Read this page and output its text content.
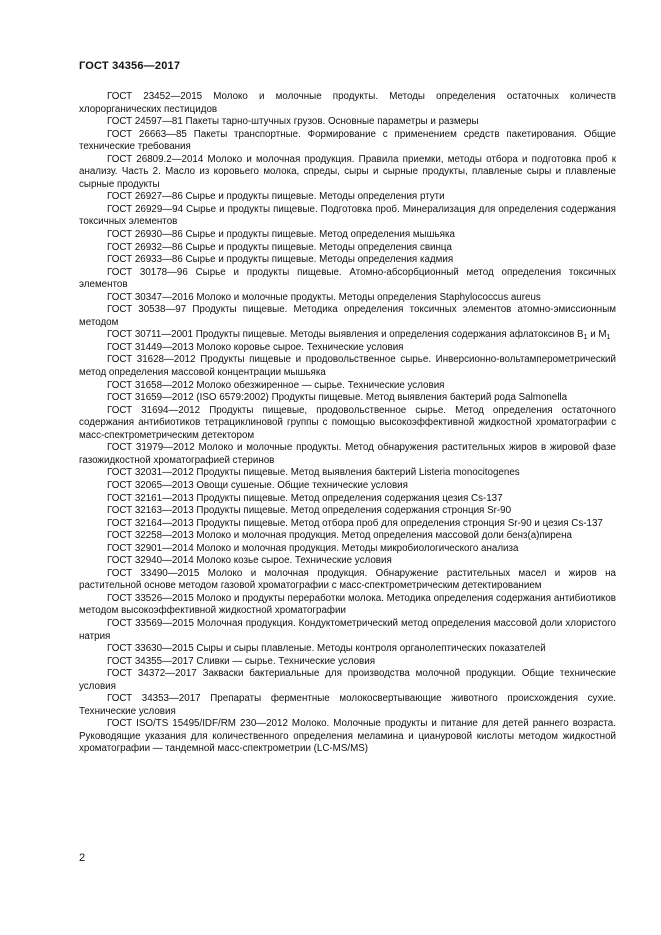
ГОСТ 34356—2017

ГОСТ 23452—2015 Молоко и молочные продукты. Методы определения остаточных количеств хлорорганических пестицидов

ГОСТ 24597—81 Пакеты тарно-штучных грузов. Основные параметры и размеры

ГОСТ 26663—85 Пакеты транспортные. Формирование с применением средств пакетирования. Общие технические требования

ГОСТ 26809.2—2014 Молоко и молочная продукция. Правила приемки, методы отбора и подготовка проб к анализу. Часть 2. Масло из коровьего молока, спреды, сыры и сырные продукты, плавленые сыры и плавленые сырные продукты

ГОСТ 26927—86 Сырье и продукты пищевые. Методы определения ртути

ГОСТ 26929—94 Сырье и продукты пищевые. Подготовка проб. Минерализация для определения содержания токсичных элементов

ГОСТ 26930—86 Сырье и продукты пищевые. Метод определения мышьяка

ГОСТ 26932—86 Сырье и продукты пищевые. Методы определения свинца

ГОСТ 26933—86 Сырье и продукты пищевые. Методы определения кадмия

ГОСТ 30178—96 Сырье и продукты пищевые. Атомно-абсорбционный метод определения токсичных элементов

ГОСТ 30347—2016 Молоко и молочные продукты. Методы определения Staphylococcus aureus

ГОСТ 30538—97 Продукты пищевые. Методика определения токсичных элементов атомно-эмиссионным методом

ГОСТ 30711—2001 Продукты пищевые. Методы выявления и определения содержания афлатоксинов $B_1$ и $M_1$

ГОСТ 31449—2013 Молоко коровье сырое. Технические условия

ГОСТ 31628—2012 Продукты пищевые и продовольственное сырье. Инверсионно-вольтамперометрический метод определения массовой концентрации мышьяка

ГОСТ 31658—2012 Молоко обезжиренное — сырье. Технические условия

ГОСТ 31659—2012 (ISO 6579:2002) Продукты пищевые. Метод выявления бактерий рода Salmonella

ГОСТ 31694—2012 Продукты пищевые, продовольственное сырье. Метод определения остаточного содержания антибиотиков тетрациклиновой группы с помощью высокоэффективной жидкостной хроматографии с масс-спектрометрическим детектором

ГОСТ 31979—2012 Молоко и молочные продукты. Метод обнаружения растительных жиров в жировой фазе газожидкостной хроматографией стеринов

ГОСТ 32031—2012 Продукты пищевые. Метод выявления бактерий Listeria monocitogenes

ГОСТ 32065—2013 Овощи сушеные. Общие технические условия

ГОСТ 32161—2013 Продукты пищевые. Метод определения содержания цезия Cs-137

ГОСТ 32163—2013 Продукты пищевые. Метод определения содержания стронция Sr-90

ГОСТ 32164—2013 Продукты пищевые. Метод отбора проб для определения стронция Sr-90 и цезия Cs-137

ГОСТ 32258—2013 Молоко и молочная продукция. Метод определения массовой доли бенз(а)пирена

ГОСТ 32901—2014 Молоко и молочная продукция. Методы микробиологического анализа

ГОСТ 32940—2014 Молоко козье сырое. Технические условия

ГОСТ 33490—2015 Молоко и молочная продукция. Обнаружение растительных масел и жиров на растительной основе методом газовой хроматографии с масс-спектрометрическим детектированием

ГОСТ 33526—2015 Молоко и продукты переработки молока. Методика определения содержания антибиотиков методом высокоэффективной жидкостной хроматографии

ГОСТ 33569—2015 Молочная продукция. Кондуктометрический метод определения массовой доли хлористого натрия

ГОСТ 33630—2015 Сыры и сыры плавленые. Методы контроля органолептических показателей

ГОСТ 34355—2017 Сливки — сырье. Технические условия

ГОСТ 34372—2017 Закваски бактериальные для производства молочной продукции. Общие технические условия

ГОСТ 34353—2017 Препараты ферментные молокосвертывающие животного происхождения сухие. Технические условия

ГОСТ ISO/TS 15495/IDF/RM 230—2012 Молоко. Молочные продукты и питание для детей раннего возраста. Руководящие указания для количественного определения меламина и циануровой кислоты методом жидкостной хроматографии — тандемной масс-спектрометрии (LC-MS/MS)

2
